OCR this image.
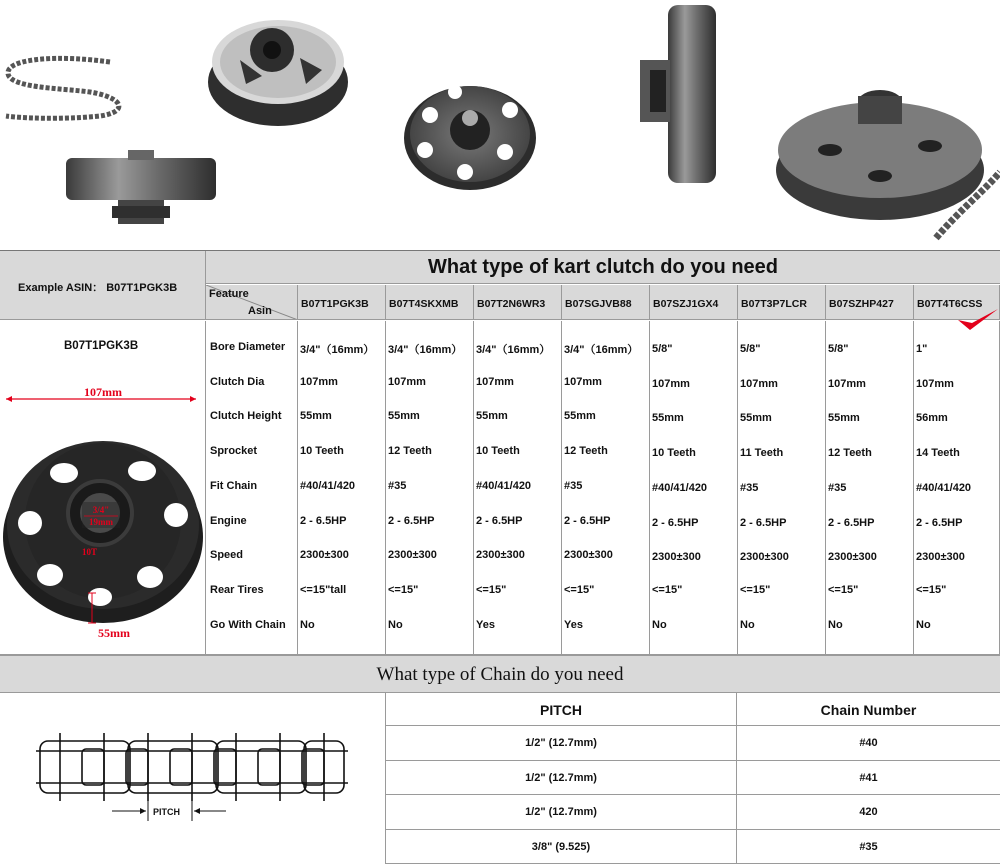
Example ASIN： B07T1PGK3B
What type of kart clutch do you need
Feature
Asin
B07T1PGK3B B07T4SKXMB B07T2N6WR3 B07SGJVB88 B07SZJ1GX4 B07T3P7LCR B07SZHP427 B07T4T6CSS
B07T1PGK3B
3/4"
19mm
10T
107mm
55mm
Bore Diameter 3/4"（16mm） 3/4"（16mm） 3/4"（16mm） 3/4"（16mm） 5/8"	5/8"	5/8"	1"
Clutch Dia	107mm	107mm	107mm	107mm	107mm	107mm	107mm	107mm
Clutch Height 55mm	55mm	55mm	55mm	55mm	55mm	55mm	56mm
Sprocket	10 Teeth	12 Teeth	10 Teeth	12 Teeth	10 Teeth	11 Teeth	12 Teeth	14 Teeth
Fit Chain	#40/41/420	#35	#40/41/420	#35	#40/41/420	#35	#35	#40/41/420
Engine	2 - 6.5HP	2 - 6.5HP	2 - 6.5HP	2 - 6.5HP	2 - 6.5HP	2 - 6.5HP	2 - 6.5HP	2 - 6.5HP
Speed	2300±300	2300±300	2300±300	2300±300	2300±300	2300±300	2300±300	2300±300
Rear Tires	<=15"tall	<=15"	<=15"	<=15"	<=15"	<=15"	<=15"	<=15"
Go With Chain No	No	Yes	Yes	No	No	No	No
What type of Chain do you need
PITCH
PITCH	Chain Number
1/2" (12.7mm)	#40
1/2" (12.7mm)	#41
1/2" (12.7mm)	420
3/8" (9.525)	#35
